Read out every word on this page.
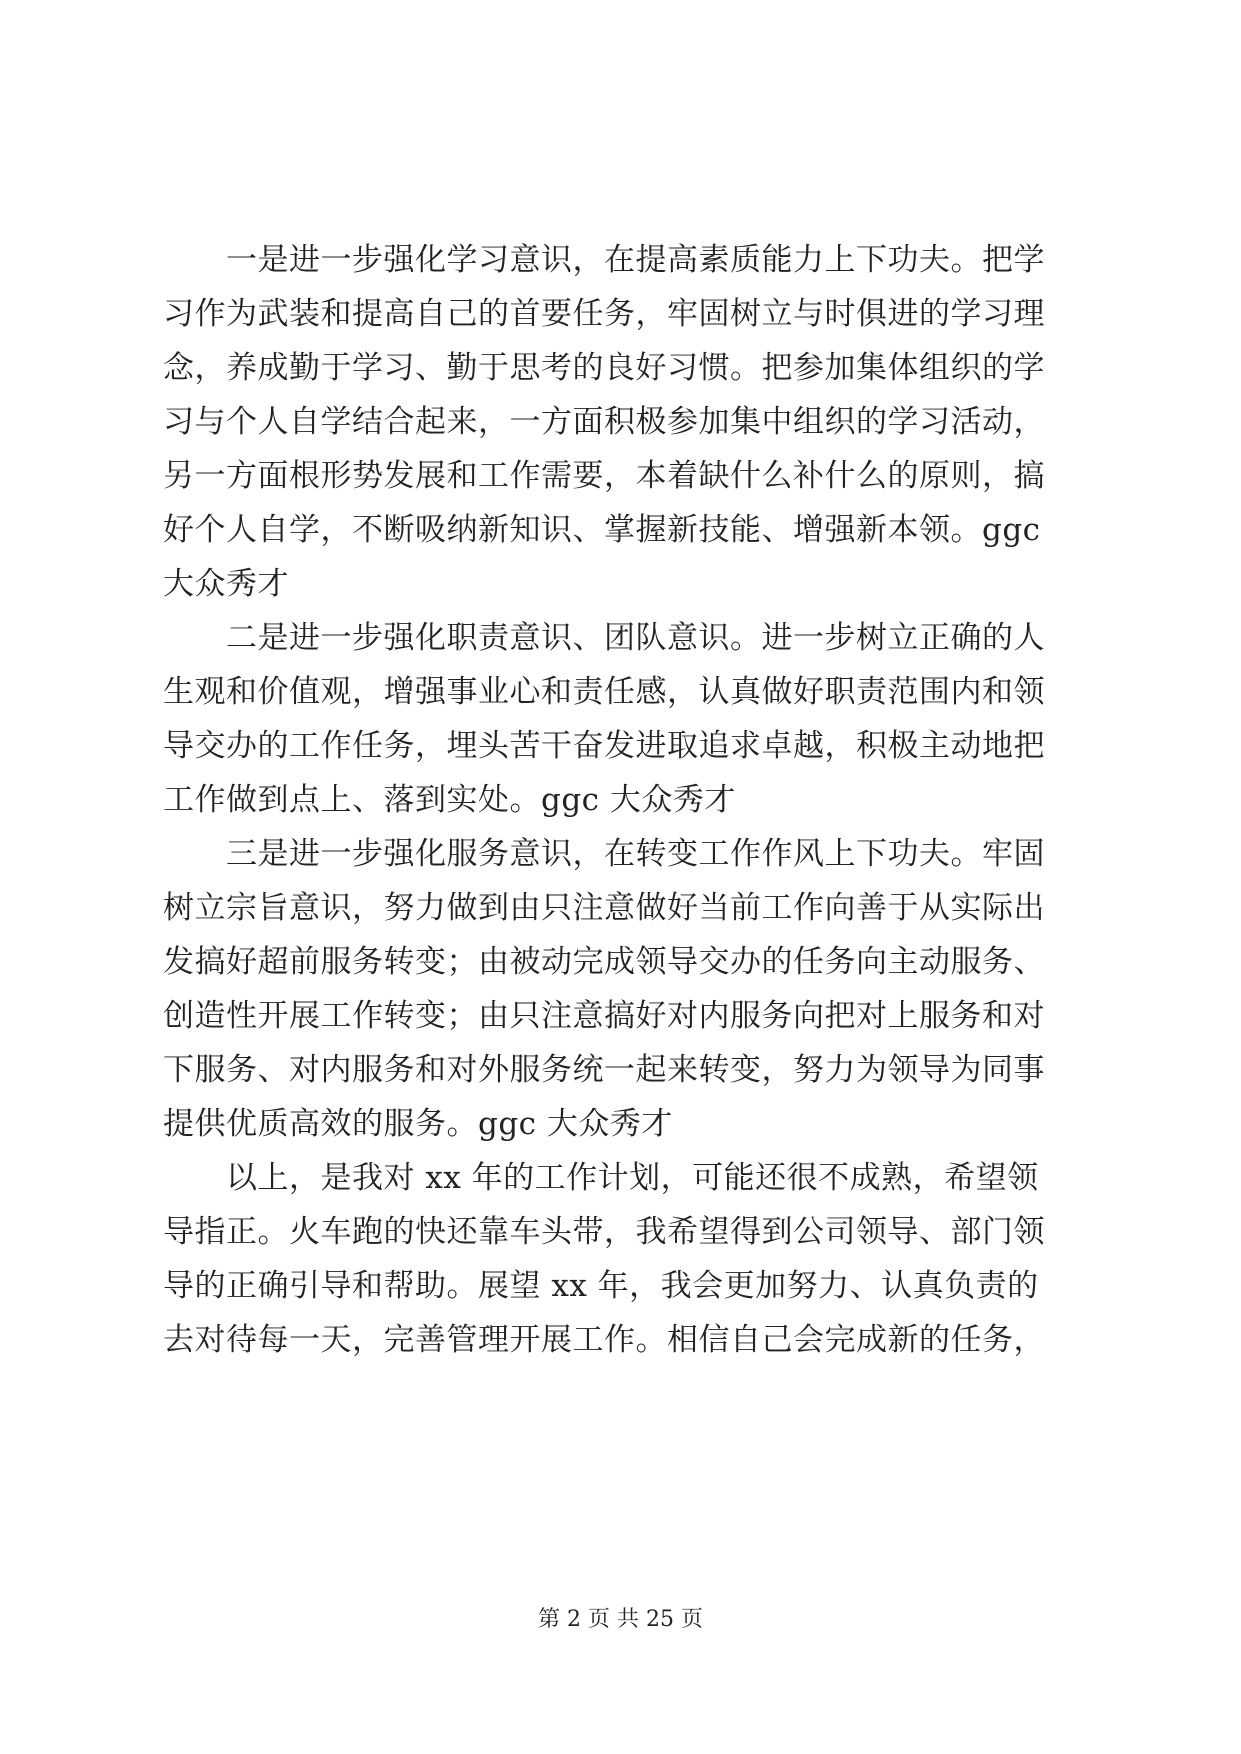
一是进一步强化学习意识，在提高素质能力上下功夫。把学
习作为武装和提高自己的首要任务，牢固树立与时俱进的学习理
念，养成勤于学习、勤于思考的良好习惯。把参加集体组织的学
习与个人自学结合起来，一方面积极参加集中组织的学习活动，
另一方面根形势发展和工作需要，本着缺什么补什么的原则，搞
好个人自学，不断吸纳新知识、掌握新技能、增强新本领。ggc
大众秀才
二是进一步强化职责意识、团队意识。进一步树立正确的人
生观和价值观，增强事业心和责任感，认真做好职责范围内和领
导交办的工作任务，埋头苦干奋发进取追求卓越，积极主动地把
工作做到点上、落到实处。ggc 大众秀才
三是进一步强化服务意识，在转变工作作风上下功夫。牢固
树立宗旨意识，努力做到由只注意做好当前工作向善于从实际出
发搞好超前服务转变；由被动完成领导交办的任务向主动服务、
创造性开展工作转变；由只注意搞好对内服务向把对上服务和对
下服务、对内服务和对外服务统一起来转变，努力为领导为同事
提供优质高效的服务。ggc 大众秀才
以上，是我对 xx 年的工作计划，可能还很不成熟，希望领
导指正。火车跑的快还靠车头带，我希望得到公司领导、部门领
导的正确引导和帮助。展望 xx 年，我会更加努力、认真负责的
去对待每一天，完善管理开展工作。相信自己会完成新的任务，
第 2 页 共 25 页
